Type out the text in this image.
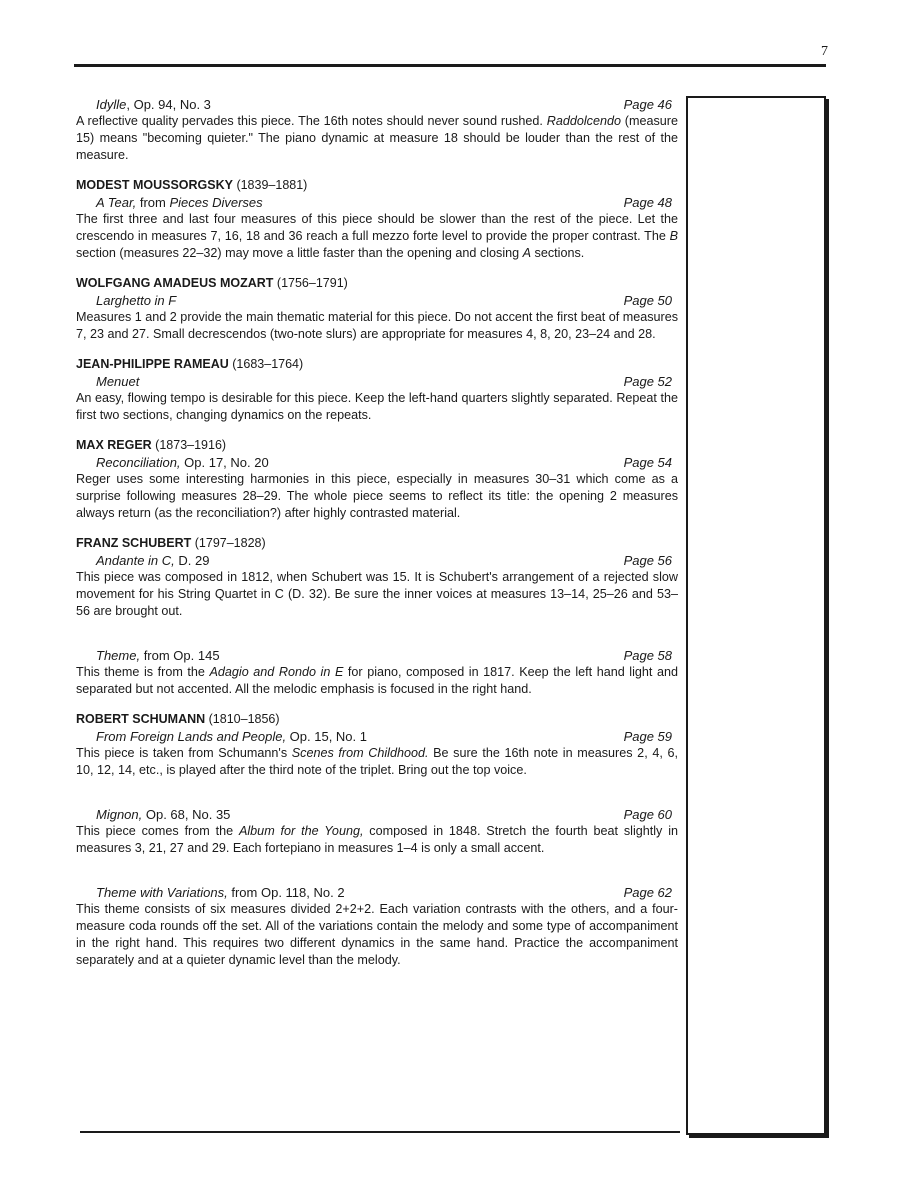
7
Idylle, Op. 94, No. 3	Page 46

A reflective quality pervades this piece. The 16th notes should never sound rushed. Raddolcendo (measure 15) means "becoming quieter." The piano dynamic at measure 18 should be louder than the rest of the measure.

MODEST MOUSSORGSKY (1839–1881)
A Tear, from Pieces Diverses	Page 48

The first three and last four measures of this piece should be slower than the rest of the piece. Let the crescendo in measures 7, 16, 18 and 36 reach a full mezzo forte level to provide the proper contrast. The B section (measures 22–32) may move a little faster than the opening and closing A sections.

WOLFGANG AMADEUS MOZART (1756–1791)
Larghetto in F	Page 50

Measures 1 and 2 provide the main thematic material for this piece. Do not accent the first beat of measures 7, 23 and 27. Small decrescendos (two-note slurs) are appropriate for measures 4, 8, 20, 23–24 and 28.

JEAN-PHILIPPE RAMEAU (1683–1764)
Menuet	Page 52

An easy, flowing tempo is desirable for this piece. Keep the left-hand quarters slightly separated. Repeat the first two sections, changing dynamics on the repeats.

MAX REGER (1873–1916)
Reconciliation, Op. 17, No. 20	Page 54

Reger uses some interesting harmonies in this piece, especially in measures 30–31 which come as a surprise following measures 28–29. The whole piece seems to reflect its title: the opening 2 measures always return (as the reconciliation?) after highly contrasted material.

FRANZ SCHUBERT (1797–1828)
Andante in C, D. 29	Page 56

This piece was composed in 1812, when Schubert was 15. It is Schubert's arrangement of a rejected slow movement for his String Quartet in C (D. 32). Be sure the inner voices at measures 13–14, 25–26 and 53–56 are brought out.

Theme, from Op. 145	Page 58

This theme is from the Adagio and Rondo in E for piano, composed in 1817. Keep the left hand light and separated but not accented. All the melodic emphasis is focused in the right hand.

ROBERT SCHUMANN (1810–1856)
From Foreign Lands and People, Op. 15, No. 1	Page 59

This piece is taken from Schumann's Scenes from Childhood. Be sure the 16th note in measures 2, 4, 6, 10, 12, 14, etc., is played after the third note of the triplet. Bring out the top voice.

Mignon, Op. 68, No. 35	Page 60

This piece comes from the Album for the Young, composed in 1848. Stretch the fourth beat slightly in measures 3, 21, 27 and 29. Each fortepiano in measures 1–4 is only a small accent.

Theme with Variations, from Op. 118, No. 2	Page 62

This theme consists of six measures divided 2+2+2. Each variation contrasts with the others, and a four-measure coda rounds off the set. All of the variations contain the melody and some type of accompaniment in the right hand. This requires two different dynamics in the same hand. Practice the accompaniment separately and at a quieter dynamic level than the melody.
